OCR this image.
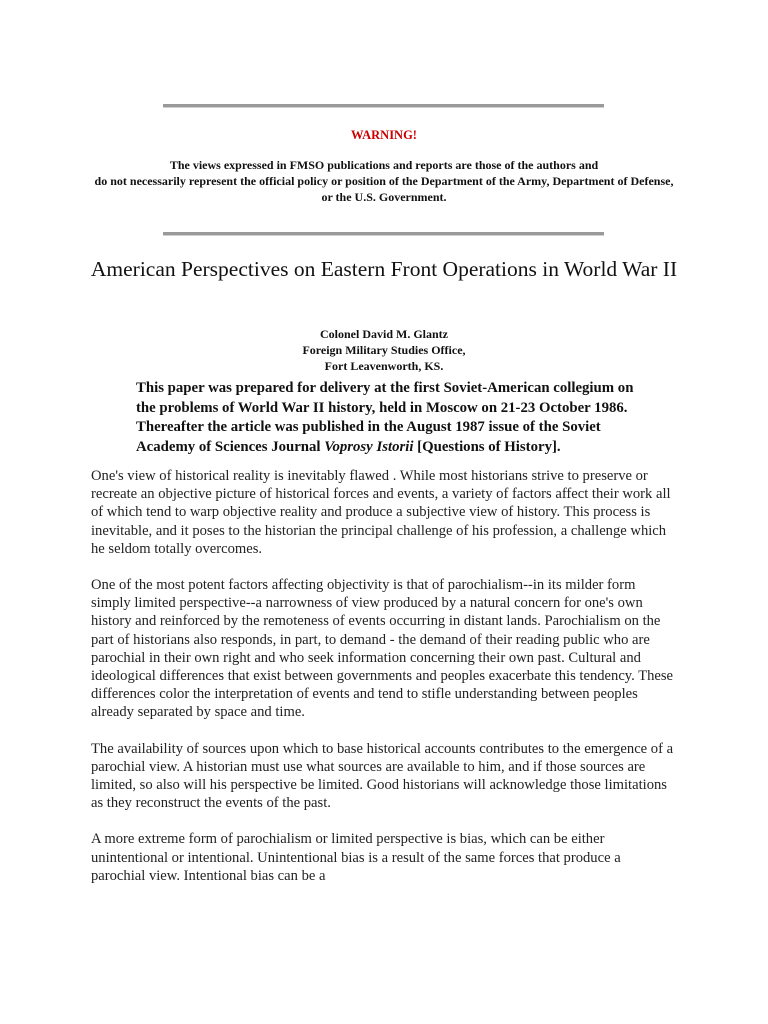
WARNING!
The views expressed in FMSO publications and reports are those of the authors and
do not necessarily represent the official policy or position of the Department of the Army, Department of Defense, or the U.S. Government.
American Perspectives on Eastern Front Operations in World War II
Colonel David M. Glantz
Foreign Military Studies Office,
Fort Leavenworth, KS.
This paper was prepared for delivery at the first Soviet-American collegium on the problems of World War II history, held in Moscow on 21-23 October 1986. Thereafter the article was published in the August 1987 issue of the Soviet Academy of Sciences Journal Voprosy Istorii [Questions of History].

One's view of historical reality is inevitably flawed . While most historians strive to preserve or recreate an objective picture of historical forces and events, a variety of factors affect their work all of which tend to warp objective reality and produce a subjective view of history. This process is inevitable, and it poses to the historian the principal challenge of his profession, a challenge which he seldom totally overcomes.

One of the most potent factors affecting objectivity is that of parochialism--in its milder form simply limited perspective--a narrowness of view produced by a natural concern for one's own history and reinforced by the remoteness of events occurring in distant lands. Parochialism on the part of historians also responds, in part, to demand - the demand of their reading public who are parochial in their own right and who seek information concerning their own past. Cultural and ideological differences that exist between governments and peoples exacerbate this tendency. These differences color the interpretation of events and tend to stifle understanding between peoples already separated by space and time.

The availability of sources upon which to base historical accounts contributes to the emergence of a parochial view. A historian must use what sources are available to him, and if those sources are limited, so also will his perspective be limited. Good historians will acknowledge those limitations as they reconstruct the events of the past.

A more extreme form of parochialism or limited perspective is bias, which can be either unintentional or intentional. Unintentional bias is a result of the same forces that produce a parochial view. Intentional bias can be a
